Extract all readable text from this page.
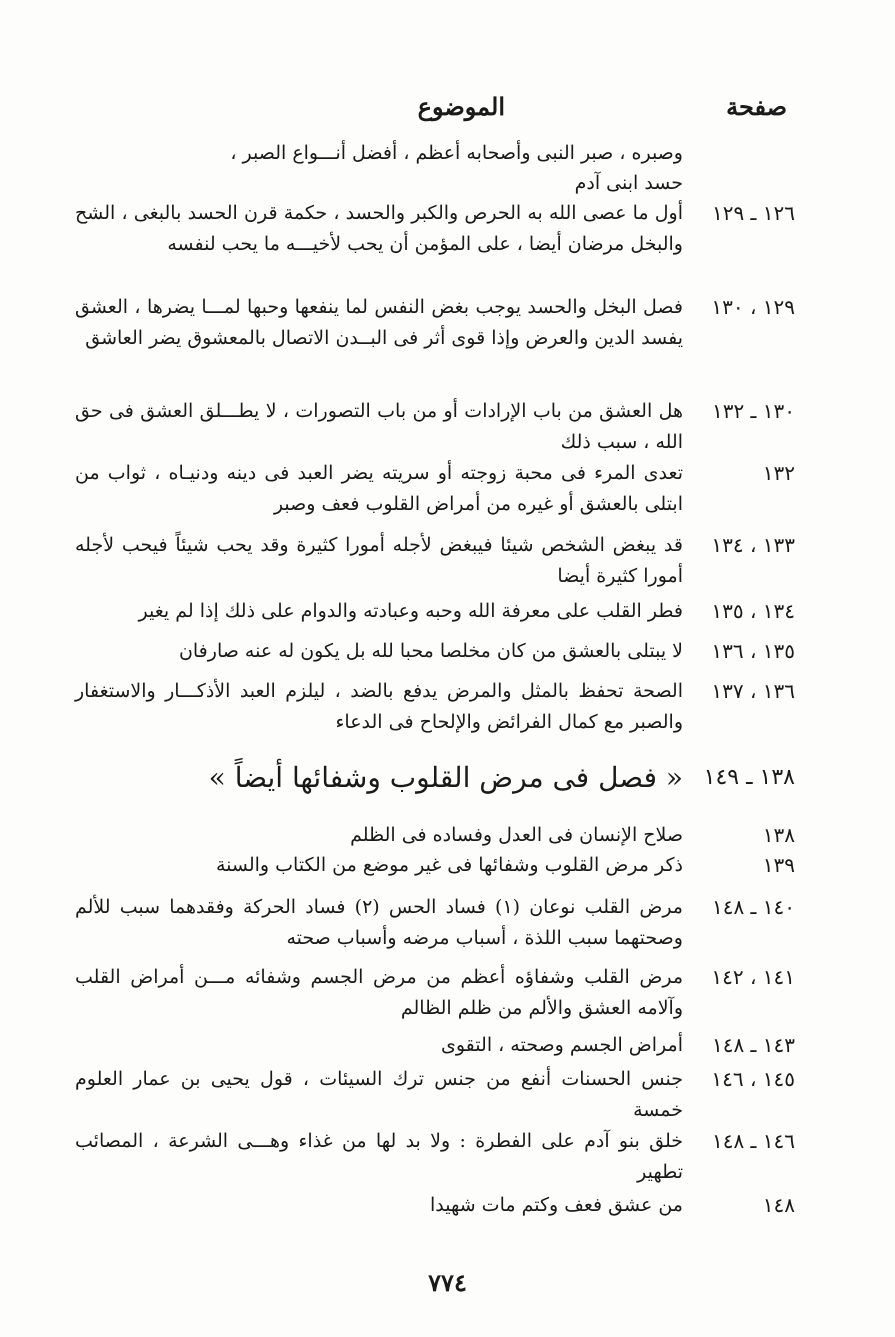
صفحة
الموضوع
وصبره ، صبر النبى وأصحابه أعظم ، أفضل أنـــواع الصبر ،
حسد ابنى آدم
١٢٦ ـ ١٢٩
أول ما عصى الله به الحرص والكبر والحسد ، حكمة قرن الحسد بالبغى ، الشح والبخل مرضان أيضا ، على المؤمن أن يحب لأخيـــه ما يحب لنفسه
١٢٩ ، ١٣٠
فصل البخل والحسد يوجب بغض النفس لما ينفعها وحبها لمـــا يضرها ، العشق يفسد الدين والعرض وإذا قوى أثر فى البــدن الاتصال بالمعشوق يضر العاشق
١٣٠ ـ ١٣٢
هل العشق من باب الإرادات أو من باب التصورات ، لا يطـــلق العشق فى حق الله ، سبب ذلك
١٣٢
تعدى المرء فى محبة زوجته أو سريته يضر العبد فى دينه ودنيـاه ، ثواب من ابتلى بالعشق أو غيره من أمراض القلوب فعف وصبر
١٣٣ ، ١٣٤
قد يبغض الشخص شيئا فيبغض لأجله أمورا كثيرة وقد يحب شيئاً فيحب لأجله أمورا كثيرة أيضا
١٣٤ ، ١٣٥
فطر القلب على معرفة الله وحبه وعبادته والدوام على ذلك إذا لم يغير
١٣٥ ، ١٣٦
لا يبتلى بالعشق من كان مخلصا محبا لله بل يكون له عنه صارفان
١٣٦ ، ١٣٧
الصحة تحفظ بالمثل والمرض يدفع بالضد ، ليلزم العبد الأذكـــار والاستغفار والصبر مع كمال الفرائض والإلحاح فى الدعاء
١٣٨ ـ ١٤٩
« فصل فى مرض القلوب وشفائها أيضاً »
١٣٨
صلاح الإنسان فى العدل وفساده فى الظلم
١٣٩
ذكر مرض القلوب وشفائها فى غير موضع من الكتاب والسنة
١٤٠ ـ ١٤٨
مرض القلب نوعان (١) فساد الحس (٢) فساد الحركة وفقدهما سبب للألم وصحتهما سبب اللذة ، أسباب مرضه وأسباب صحته
١٤١ ، ١٤٢
مرض القلب وشفاؤه أعظم من مرض الجسم وشفائه مـــن أمراض القلب وآلامه العشق والألم من ظلم الظالم
١٤٣ ـ ١٤٨
أمراض الجسم وصحته ، التقوى
١٤٥ ، ١٤٦
جنس الحسنات أنفع من جنس ترك السيئات ، قول يحيى بن عمار العلوم خمسة
١٤٦ ـ ١٤٨
خلق بنو آدم على الفطرة : ولا بد لها من غذاء وهـــى الشرعة ، المصائب تطهير
١٤٨
من عشق فعف وكتم مات شهيدا
٧٧٤
